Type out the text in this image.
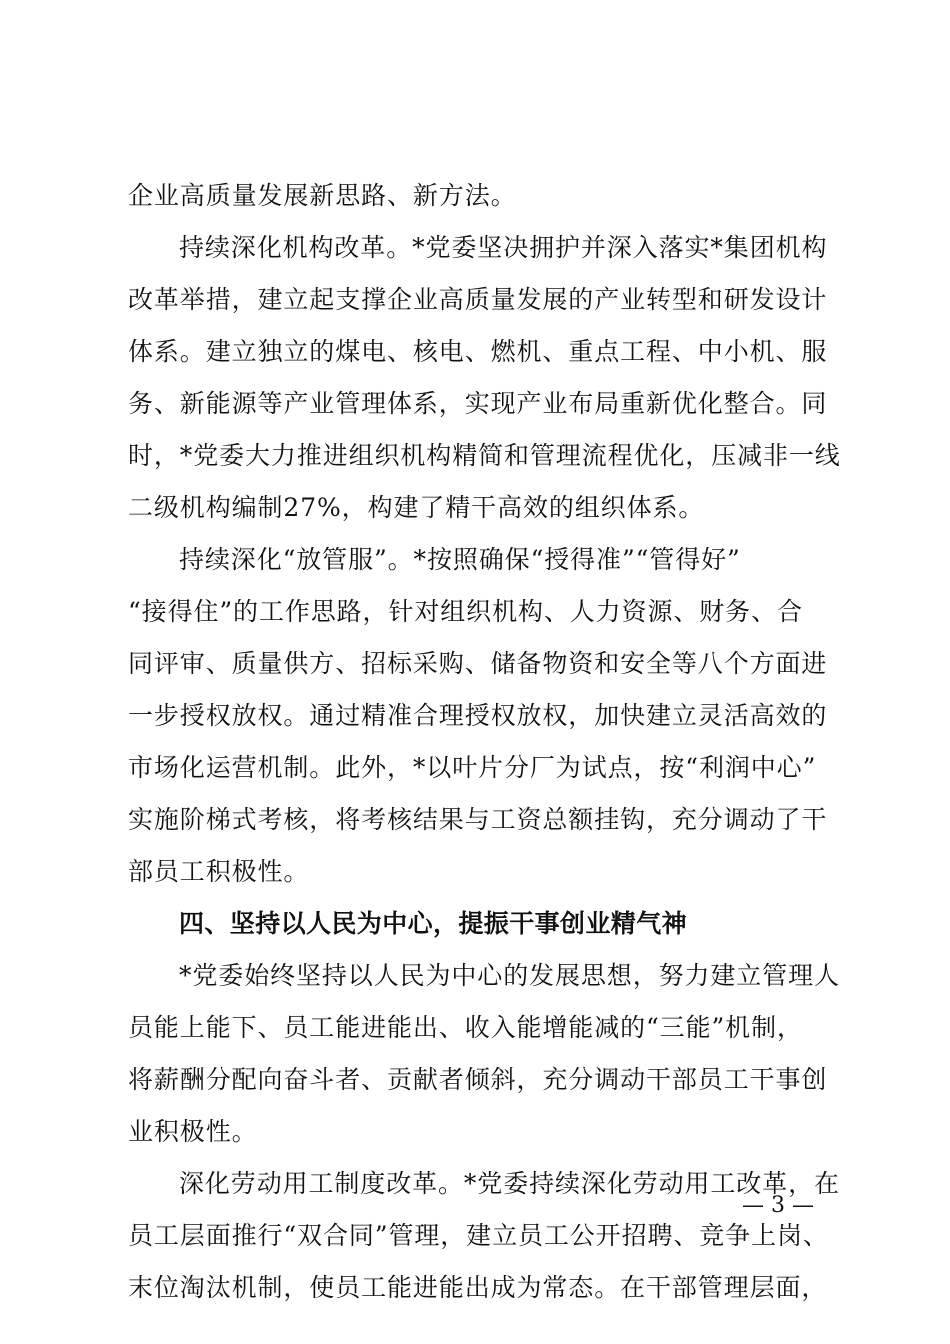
企业高质量发展新思路、新方法。
持续深化机构改革。*党委坚决拥护并深入落实*集团机构
改革举措，建立起支撑企业高质量发展的产业转型和研发设计
体系。建立独立的煤电、核电、燃机、重点工程、中小机、服
务、新能源等产业管理体系，实现产业布局重新优化整合。同
时，*党委大力推进组织机构精简和管理流程优化，压减非一线
二级机构编制27%，构建了精干高效的组织体系。
持续深化“放管服”。*按照确保“授得准”“管得好”
“接得住”的工作思路，针对组织机构、人力资源、财务、合
同评审、质量供方、招标采购、储备物资和安全等八个方面进
一步授权放权。通过精准合理授权放权，加快建立灵活高效的
市场化运营机制。此外，*以叶片分厂为试点，按“利润中心”
实施阶梯式考核，将考核结果与工资总额挂钩，充分调动了干
部员工积极性。
四、坚持以人民为中心，提振干事创业精气神
*党委始终坚持以人民为中心的发展思想，努力建立管理人
员能上能下、员工能进能出、收入能增能减的“三能”机制，
将薪酬分配向奋斗者、贡献者倾斜，充分调动干部员工干事创
业积极性。
深化劳动用工制度改革。*党委持续深化劳动用工改革，在
员工层面推行“双合同”管理，建立员工公开招聘、竞争上岗、
末位淘汰机制，使员工能进能出成为常态。在干部管理层面，
— 3 —
